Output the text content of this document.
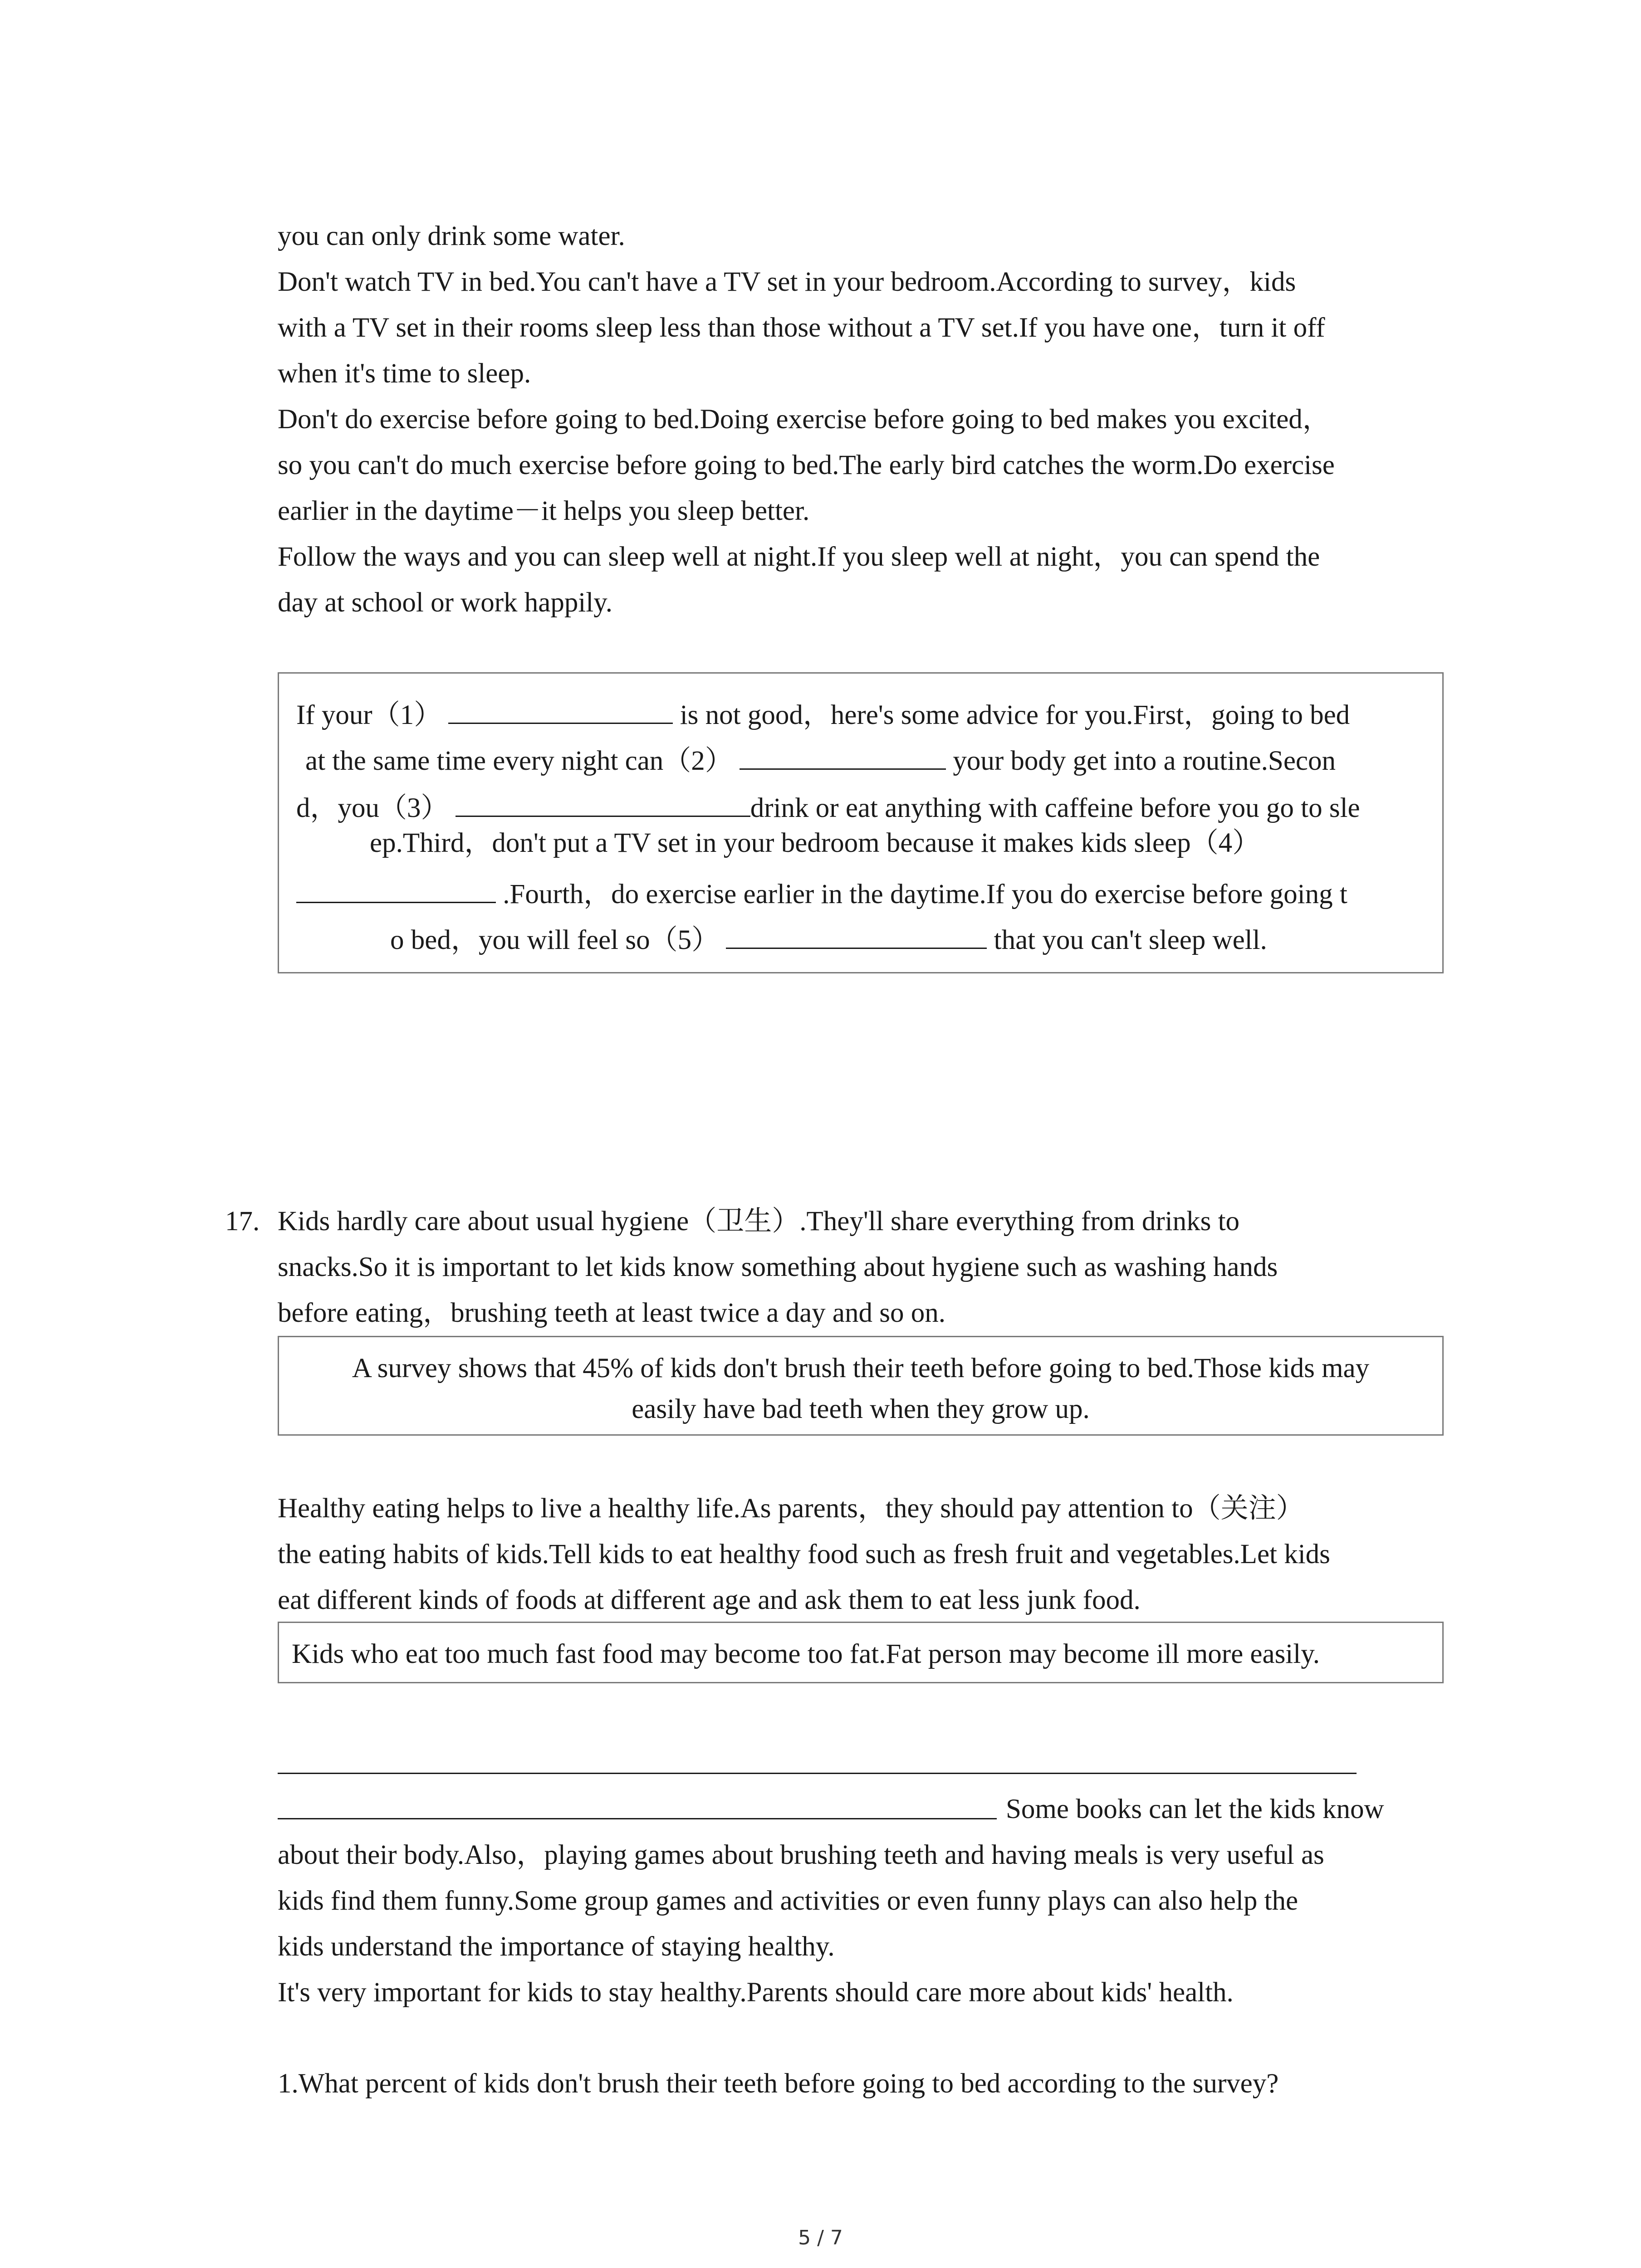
you can only drink some water.
Don't watch TV in bed.You can't have a TV set in your bedroom.According to survey，kids
with a TV set in their rooms sleep less than those without a TV set.If you have one，turn it off
when it's time to sleep.
Don't do exercise before going to bed.Doing exercise before going to bed makes you excited，
so you can't do much exercise before going to bed.The early bird catches the worm.Do exercise
earlier in the daytime－it helps you sleep better.
Follow the ways and you can sleep well at night.If you sleep well at night，you can spend the
day at school or work happily.
If your（1）	is not good，here's some advice for you.First，going to bed
at the same time every night can（2）	your body get into a routine.Secon
d，you（3）	drink or eat anything with caffeine before you go to sle
ep.Third，don't put a TV set in your bedroom because it makes kids sleep（4）
.Fourth，do exercise earlier in the daytime.If you do exercise before going t
o bed，you will feel so（5）	that you can't sleep well.
17. Kids hardly care about usual hygiene（卫生）.They'll share everything from drinks to
snacks.So it is important to let kids know something about hygiene such as washing hands
before eating，brushing teeth at least twice a day and so on.
A survey shows that 45% of kids don't brush their teeth before going to bed.Those kids may
easily have bad teeth when they grow up.
Healthy eating helps to live a healthy life.As parents，they should pay attention to（关注）
the eating habits of kids.Tell kids to eat healthy food such as fresh fruit and vegetables.Let kids
eat different kinds of foods at different age and ask them to eat less junk food.
Kids who eat too much fast food may become too fat.Fat person may become ill more easily.
Some books can let the kids know
about their body.Also，playing games about brushing teeth and having meals is very useful as
kids find them funny.Some group games and activities or even funny plays can also help the
kids understand the importance of staying healthy.
It's very important for kids to stay healthy.Parents should care more about kids' health.
1.What percent of kids don't brush their teeth before going to bed according to the survey?
5 / 7
